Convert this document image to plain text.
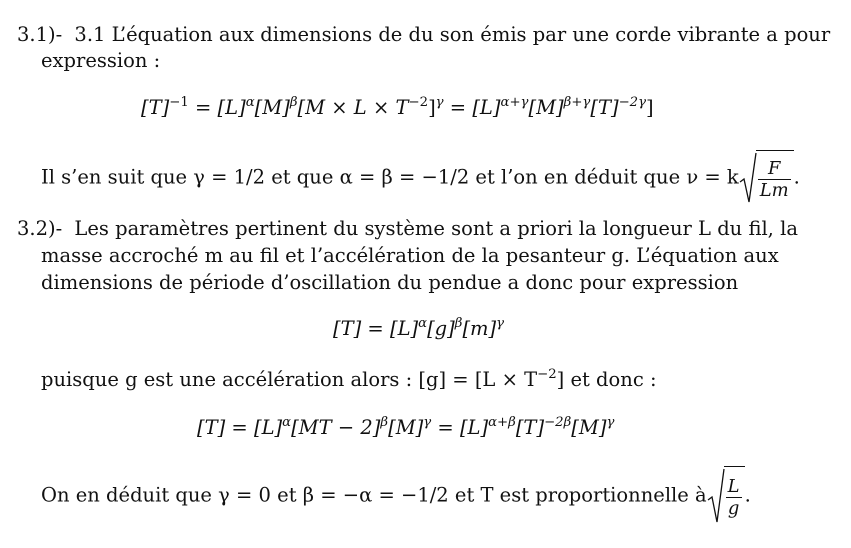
3.1)- 3.1 L’équation aux dimensions de du son émis par une corde vibrante a pour
expression :
$[T]^{-1} = [L]^\alpha[M]^\beta[M \times L \times T^{-2}]^\gamma = [L]^{\alpha+\gamma}[M]^{\beta+\gamma}[T]^{-2\gamma}$]
Il s’en suit que γ = 1/2 et que α = β = −1/2 et l’on en déduit que ν = k $\frac{F}{Lm}$ .
3.2)- Les paramètres pertinent du système sont a priori la longueur L du fil, la
masse accroché m au fil et l’accélération de la pesanteur g. L’équation aux
dimensions de période d’oscillation du pendue a donc pour expression
$[T] = [L]^\alpha[g]^\beta[m]^\gamma$
puisque g est une accélération alors : $[g] = [L \times T^{-2}]$ et donc :
$[T] = [L]^\alpha[MT - 2]^\beta[M]^\gamma = [L]^{\alpha+\beta}[T]^{-2\beta}[M]^\gamma$
On en déduit que γ = 0 et β = −α = −1/2 et T est proportionnelle à $\frac{L}{g}$ .
